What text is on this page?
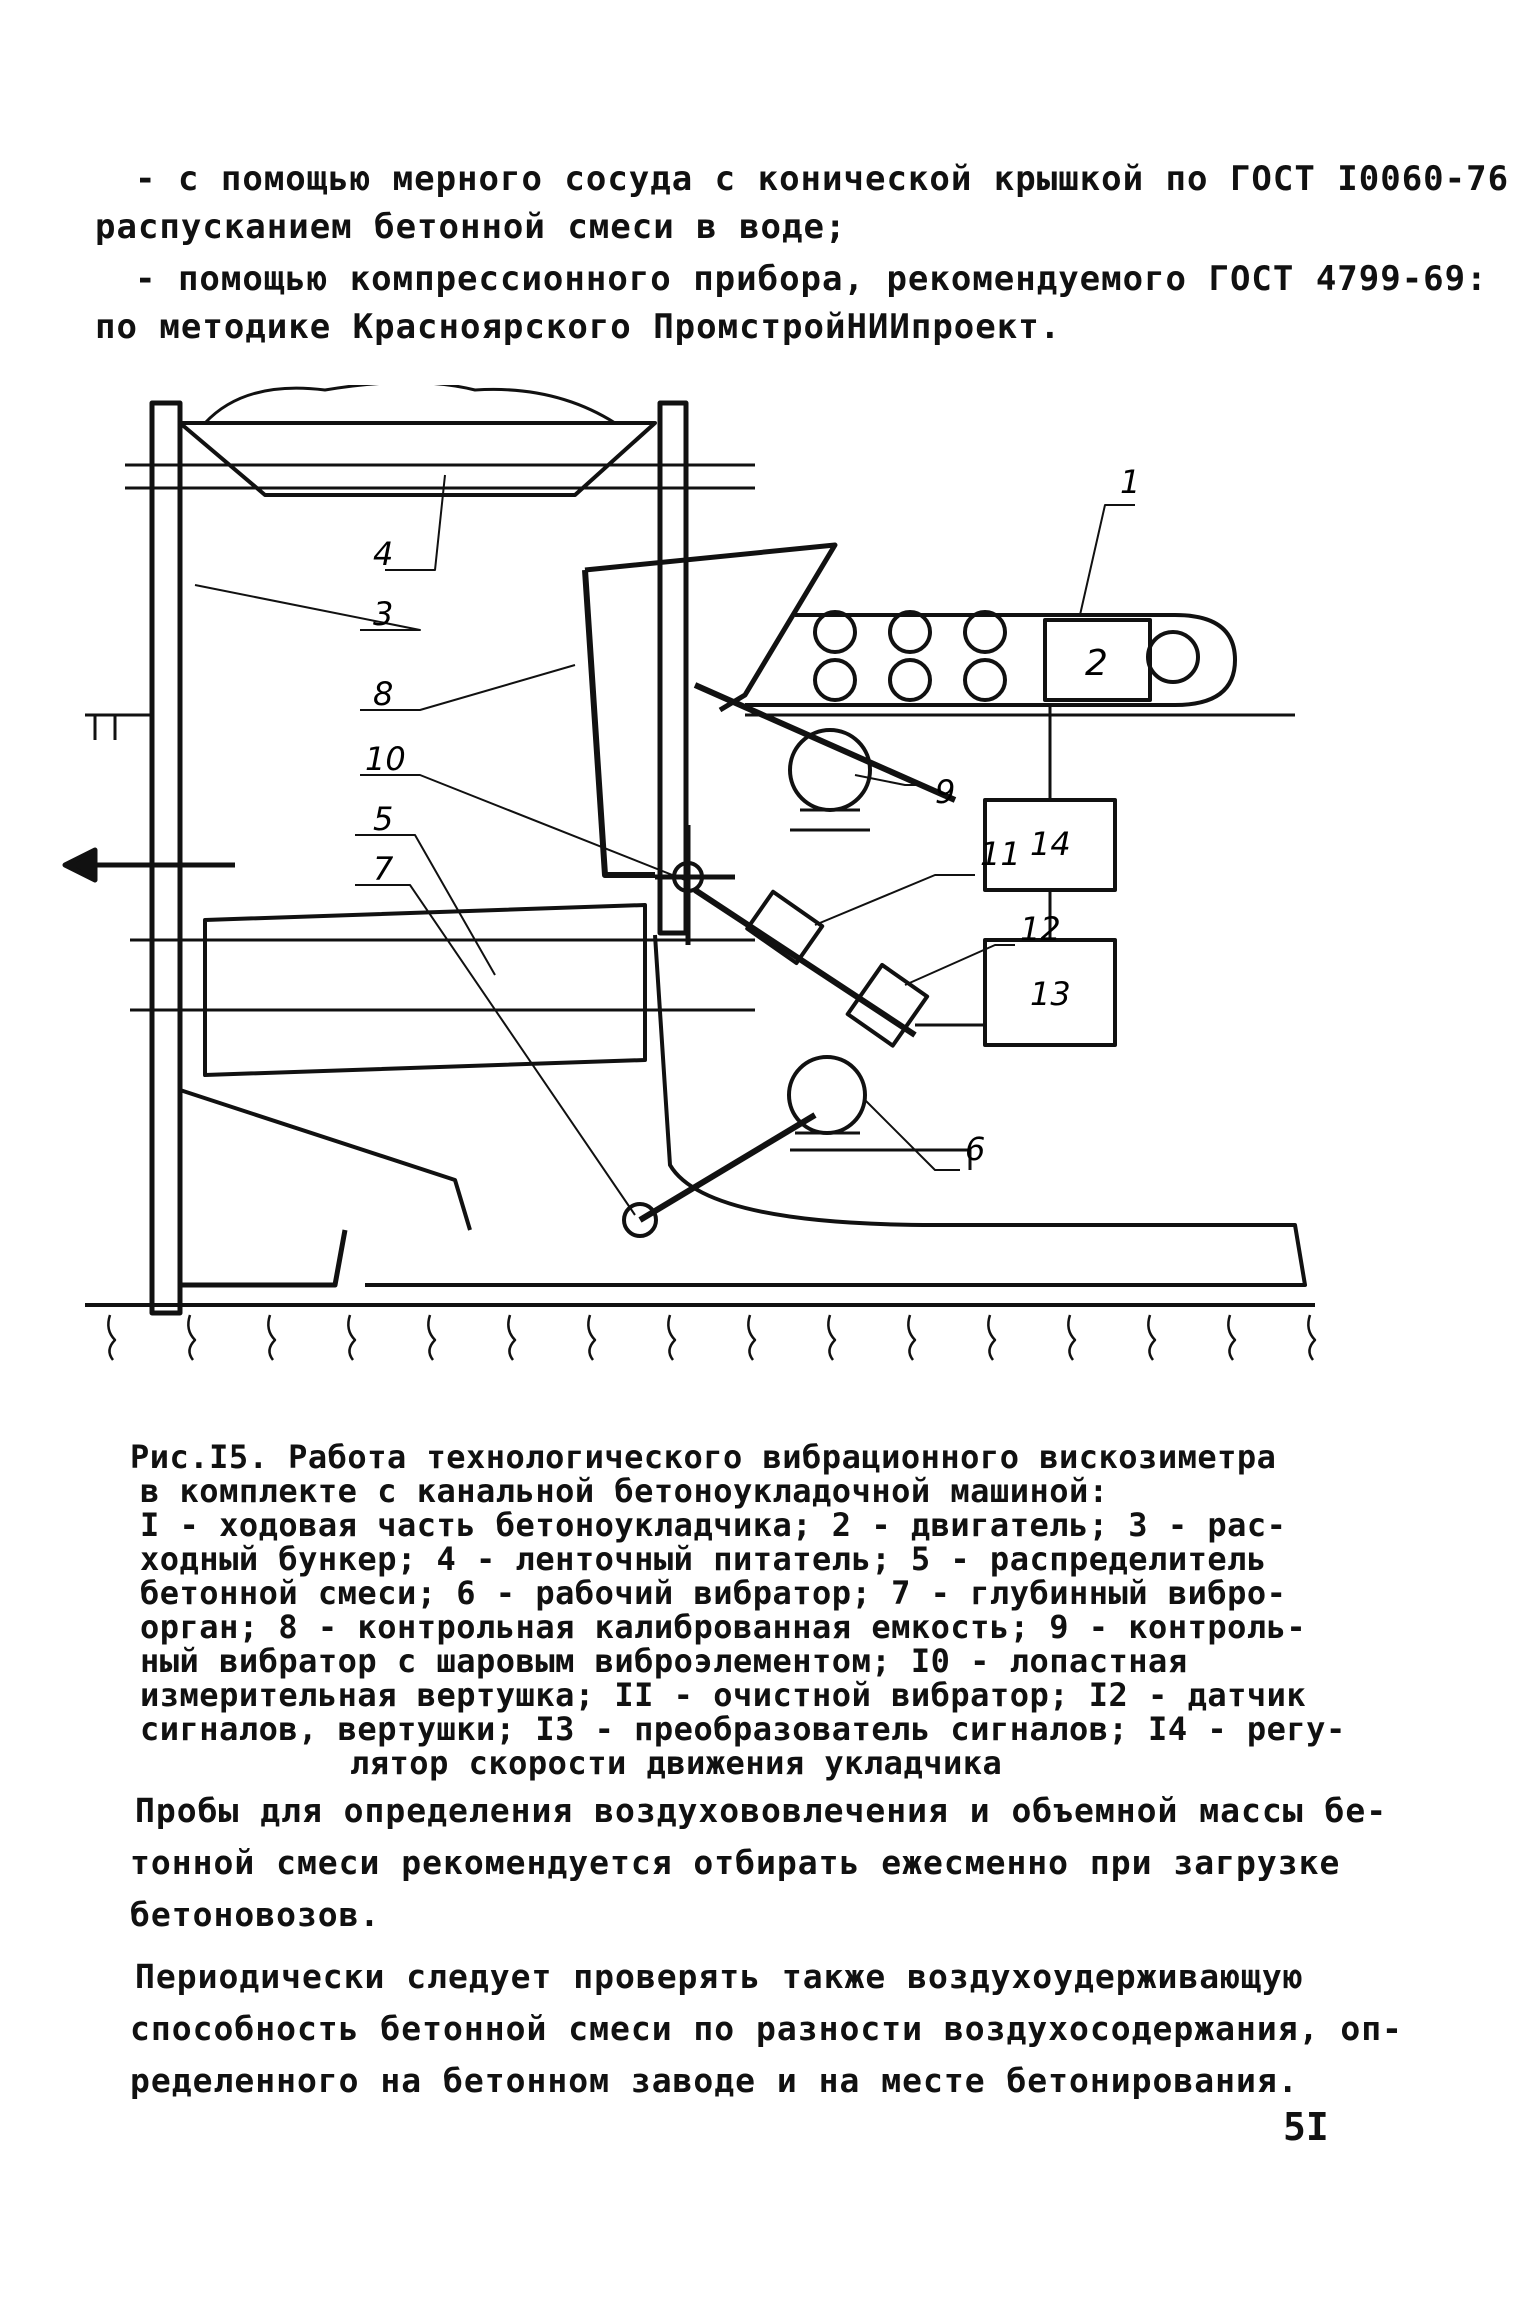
- с помощью мерного сосуда с конической крышкой по ГОСТ I0060-76
распусканием бетонной смеси в воде;
- помощью компрессионного прибора, рекомендуемого ГОСТ 4799-69:
по методике Красноярского ПромстройНИИпроект.
1
2
3
4
8
10
5
7
9
11
12
14
13
6
Рис.I5. Работа технологического вибрационного вискозиметра
в комплекте с канальной бетоноукладочной машиной:
I - ходовая часть бетоноукладчика; 2 - двигатель; 3 - рас-
ходный бункер; 4 - ленточный питатель; 5 - распределитель
бетонной смеси; 6 - рабочий вибратор; 7 - глубинный вибро-
орган; 8 - контрольная калиброванная емкость; 9 - контроль-
ный вибратор с шаровым виброэлементом; I0 - лопастная
измерительная вертушка; II - очистной вибратор; I2 - датчик
сигналов, вертушки; I3 - преобразователь сигналов; I4 - регу-
лятор скорости движения укладчика
Пробы для определения воздухововлечения и объемной массы бе-
тонной смеси рекомендуется отбирать ежесменно при загрузке
бетоновозов.
Периодически следует проверять также воздухоудерживающую
способность бетонной смеси по разности воздухосодержания, оп-
ределенного на бетонном заводе и на месте бетонирования.
5I
